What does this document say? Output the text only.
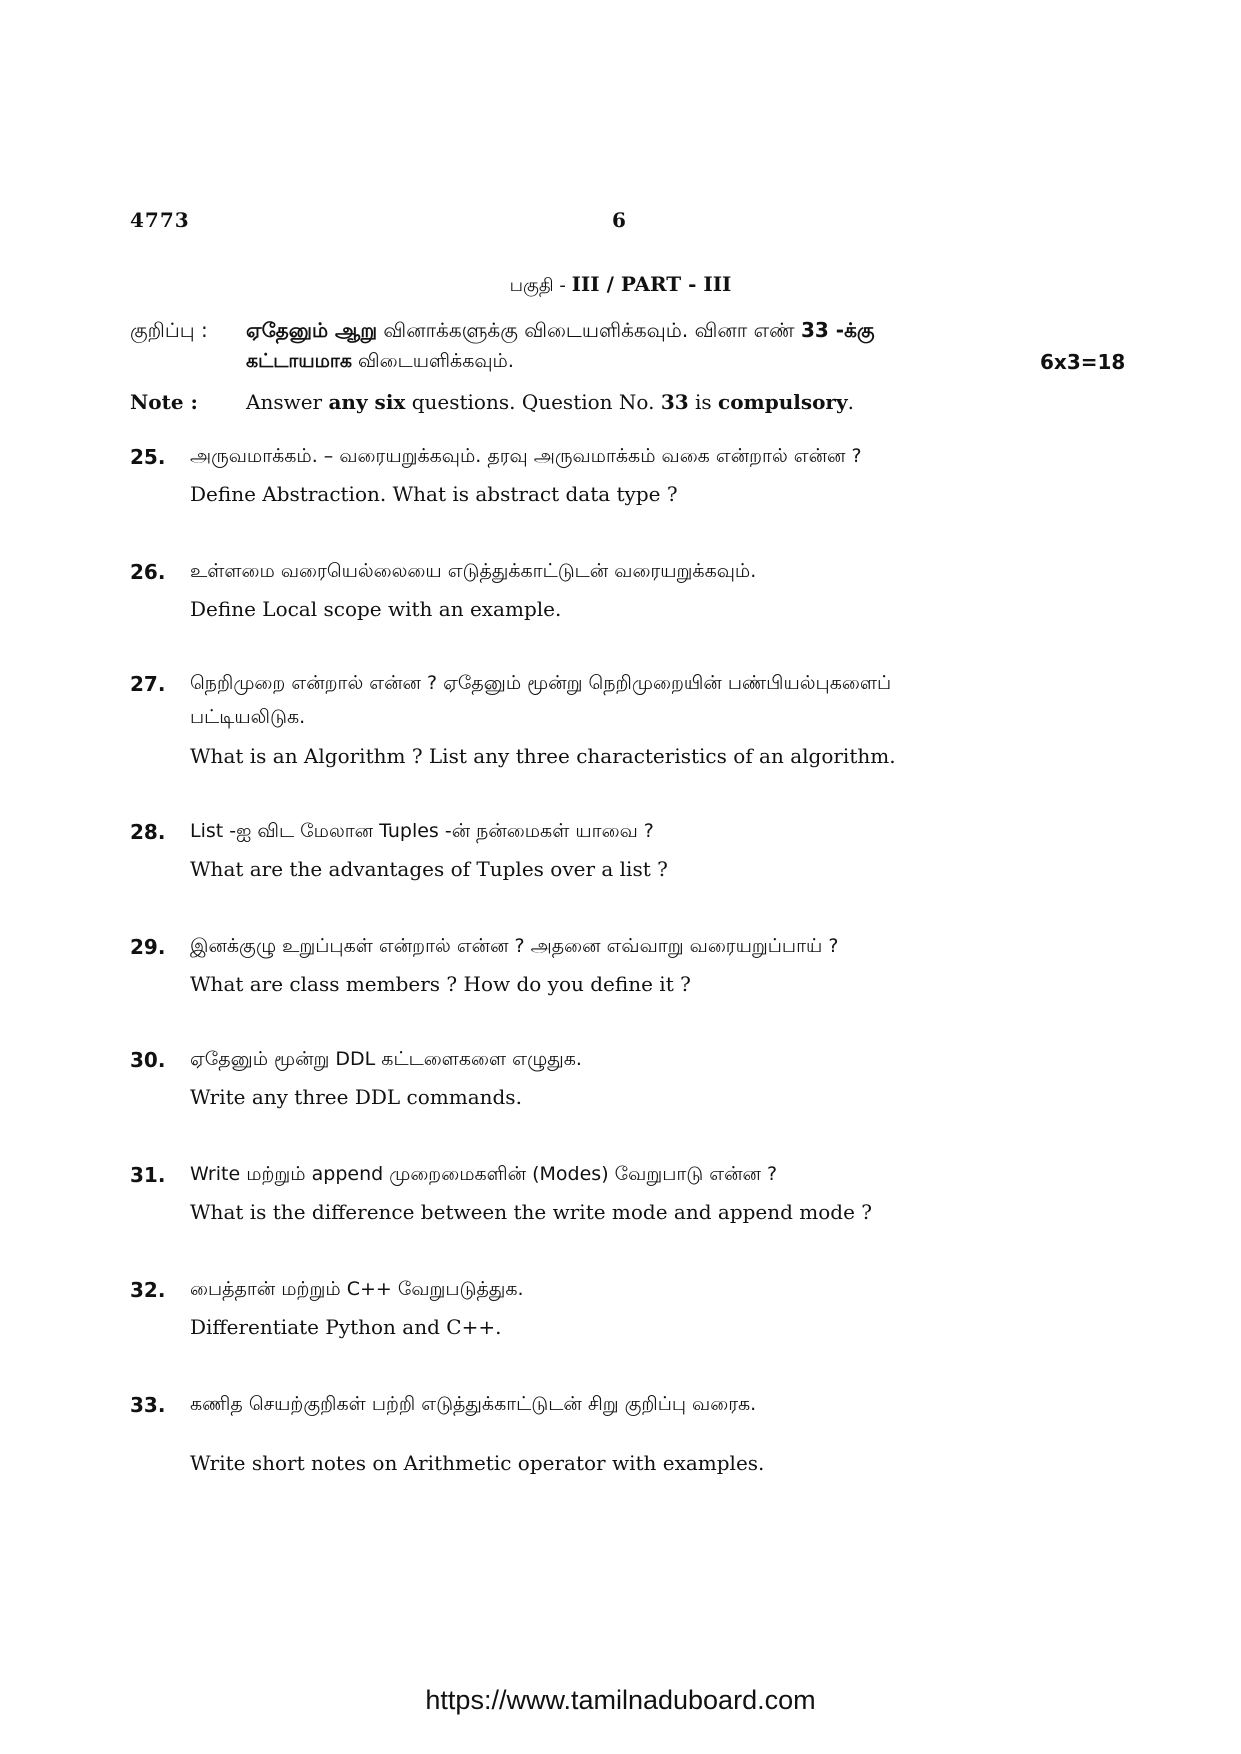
4773	6
பகுதி - III / PART - III
குறிப்பு : ஏதேனும் ஆறு வினாக்களுக்கு விடையளிக்கவும். வினா எண் 33 -க்கு
கட்டாயமாக விடையளிக்கவும்.	6x3=18
Note : Answer any six questions. Question No. 33 is compulsory.
25. அருவமாக்கம். – வரையறுக்கவும். தரவு அருவமாக்கம் வகை என்றால் என்ன ?
Define Abstraction. What is abstract data type ?
26. உள்ளமை வரையெல்லையை எடுத்துக்காட்டுடன் வரையறுக்கவும்.
Define Local scope with an example.
27. நெறிமுறை என்றால் என்ன ? ஏதேனும் மூன்று நெறிமுறையின் பண்பியல்புகளைப்
பட்டியலிடுக.
What is an Algorithm ? List any three characteristics of an algorithm.
28. List -ஐ விட மேலான Tuples -ன் நன்மைகள் யாவை ?
What are the advantages of Tuples over a list ?
29. இனக்குழு உறுப்புகள் என்றால் என்ன ? அதனை எவ்வாறு வரையறுப்பாய் ?
What are class members ? How do you define it ?
30. ஏதேனும் மூன்று DDL கட்டளைகளை எழுதுக.
Write any three DDL commands.
31. Write மற்றும் append முறைமைகளின் (Modes) வேறுபாடு என்ன ?
What is the difference between the write mode and append mode ?
32. பைத்தான் மற்றும் C++ வேறுபடுத்துக.
Differentiate Python and C++.
33. கணித செயற்குறிகள் பற்றி எடுத்துக்காட்டுடன் சிறு குறிப்பு வரைக.
Write short notes on Arithmetic operator with examples.
https://www.tamilnaduboard.com
